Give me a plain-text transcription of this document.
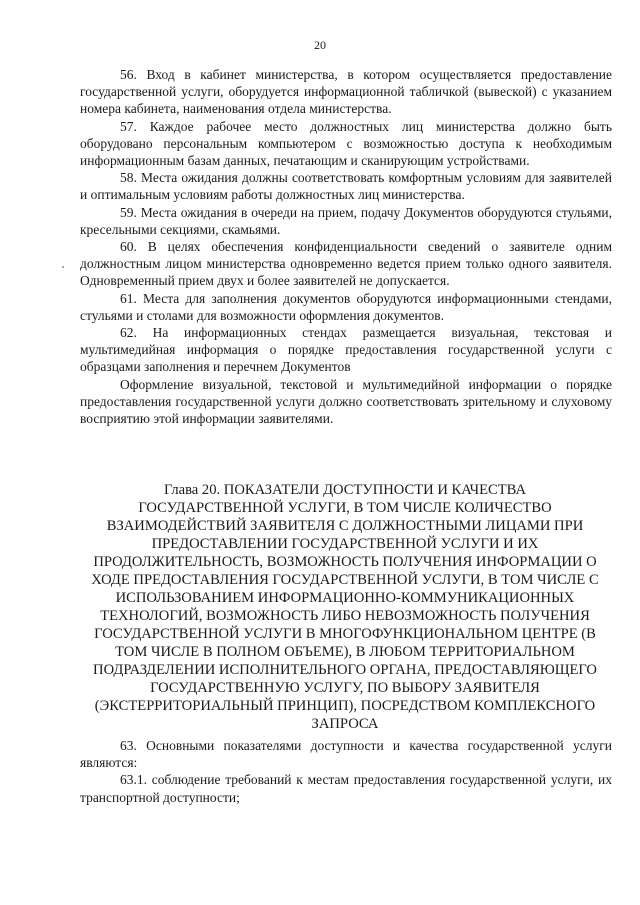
20

56. Вход в кабинет министерства, в котором осуществляется предоставление государственной услуги, оборудуется информационной табличкой (вывеской) с указанием номера кабинета, наименования отдела министерства.

57. Каждое рабочее место должностных лиц министерства должно быть оборудовано персональным компьютером с возможностью доступа к необходимым информационным базам данных, печатающим и сканирующим устройствами.

58. Места ожидания должны соответствовать комфортным условиям для заявителей и оптимальным условиям работы должностных лиц министерства.

59. Места ожидания в очереди на прием, подачу Документов оборудуются стульями, кресельными секциями, скамьями.

60. В целях обеспечения конфиденциальности сведений о заявителе одним должностным лицом министерства одновременно ведется прием только одного заявителя. Одновременный прием двух и более заявителей не допускается.

61. Места для заполнения документов оборудуются информационными стендами, стульями и столами для возможности оформления документов.

62. На информационных стендах размещается визуальная, текстовая и мультимедийная информация о порядке предоставления государственной услуги с образцами заполнения и перечнем Документов

Оформление визуальной, текстовой и мультимедийной информации о порядке предоставления государственной услуги должно соответствовать зрительному и слуховому восприятию этой информации заявителями.

Глава 20. ПОКАЗАТЕЛИ ДОСТУПНОСТИ И КАЧЕСТВА
ГОСУДАРСТВЕННОЙ УСЛУГИ, В ТОМ ЧИСЛЕ КОЛИЧЕСТВО
ВЗАИМОДЕЙСТВИЙ ЗАЯВИТЕЛЯ С ДОЛЖНОСТНЫМИ ЛИЦАМИ ПРИ
ПРЕДОСТАВЛЕНИИ ГОСУДАРСТВЕННОЙ УСЛУГИ И ИХ
ПРОДОЛЖИТЕЛЬНОСТЬ, ВОЗМОЖНОСТЬ ПОЛУЧЕНИЯ ИНФОРМАЦИИ О
ХОДЕ ПРЕДОСТАВЛЕНИЯ ГОСУДАРСТВЕННОЙ УСЛУГИ, В ТОМ ЧИСЛЕ С
ИСПОЛЬЗОВАНИЕМ ИНФОРМАЦИОННО-КОММУНИКАЦИОННЫХ
ТЕХНОЛОГИЙ, ВОЗМОЖНОСТЬ ЛИБО НЕВОЗМОЖНОСТЬ ПОЛУЧЕНИЯ
ГОСУДАРСТВЕННОЙ УСЛУГИ В МНОГОФУНКЦИОНАЛЬНОМ ЦЕНТРЕ (В
ТОМ ЧИСЛЕ В ПОЛНОМ ОБЪЕМЕ), В ЛЮБОМ ТЕРРИТОРИАЛЬНОМ
ПОДРАЗДЕЛЕНИИ ИСПОЛНИТЕЛЬНОГО ОРГАНА, ПРЕДОСТАВЛЯЮЩЕГО
ГОСУДАРСТВЕННУЮ УСЛУГУ, ПО ВЫБОРУ ЗАЯВИТЕЛЯ
(ЭКСТЕРРИТОРИАЛЬНЫЙ ПРИНЦИП), ПОСРЕДСТВОМ КОМПЛЕКСНОГО
ЗАПРОСА

63. Основными показателями доступности и качества государственной услуги являются:

63.1. соблюдение требований к местам предоставления государственной услуги, их транспортной доступности;
